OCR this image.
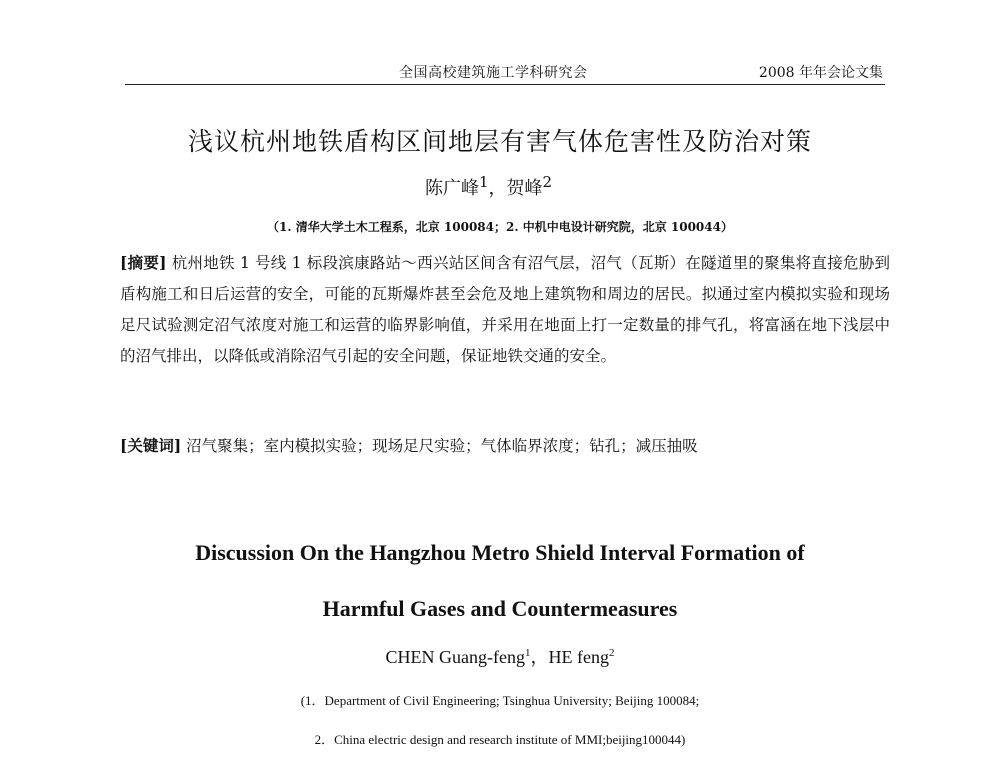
全国高校建筑施工学科研究会	2008 年年会论文集
浅议杭州地铁盾构区间地层有害气体危害性及防治对策
陈广峰$^1$，贺峰$^2$
（1. 清华大学土木工程系，北京 100084；2. 中机中电设计研究院，北京 100044）
[摘要] 杭州地铁 1 号线 1 标段滨康路站～西兴站区间含有沼气层，沼气（瓦斯）在隧道里的聚集将直接危胁到盾构施工和日后运营的安全，可能的瓦斯爆炸甚至会危及地上建筑物和周边的居民。拟通过室内模拟实验和现场足尺试验测定沼气浓度对施工和运营的临界影响值，并采用在地面上打一定数量的排气孔，将富涵在地下浅层中的沼气排出，以降低或消除沼气引起的安全问题，保证地铁交通的安全。
[关键词] 沼气聚集；室内模拟实验；现场足尺实验；气体临界浓度；钻孔；减压抽吸
Discussion On the Hangzhou Metro Shield Interval Formation of
Harmful Gases and Countermeasures
CHEN Guang-feng$^1$，HE feng$^2$
(1．Department of Civil Engineering; Tsinghua University; Beijing 100084;
2．China electric design and research institute of MMI;beijing100044)
